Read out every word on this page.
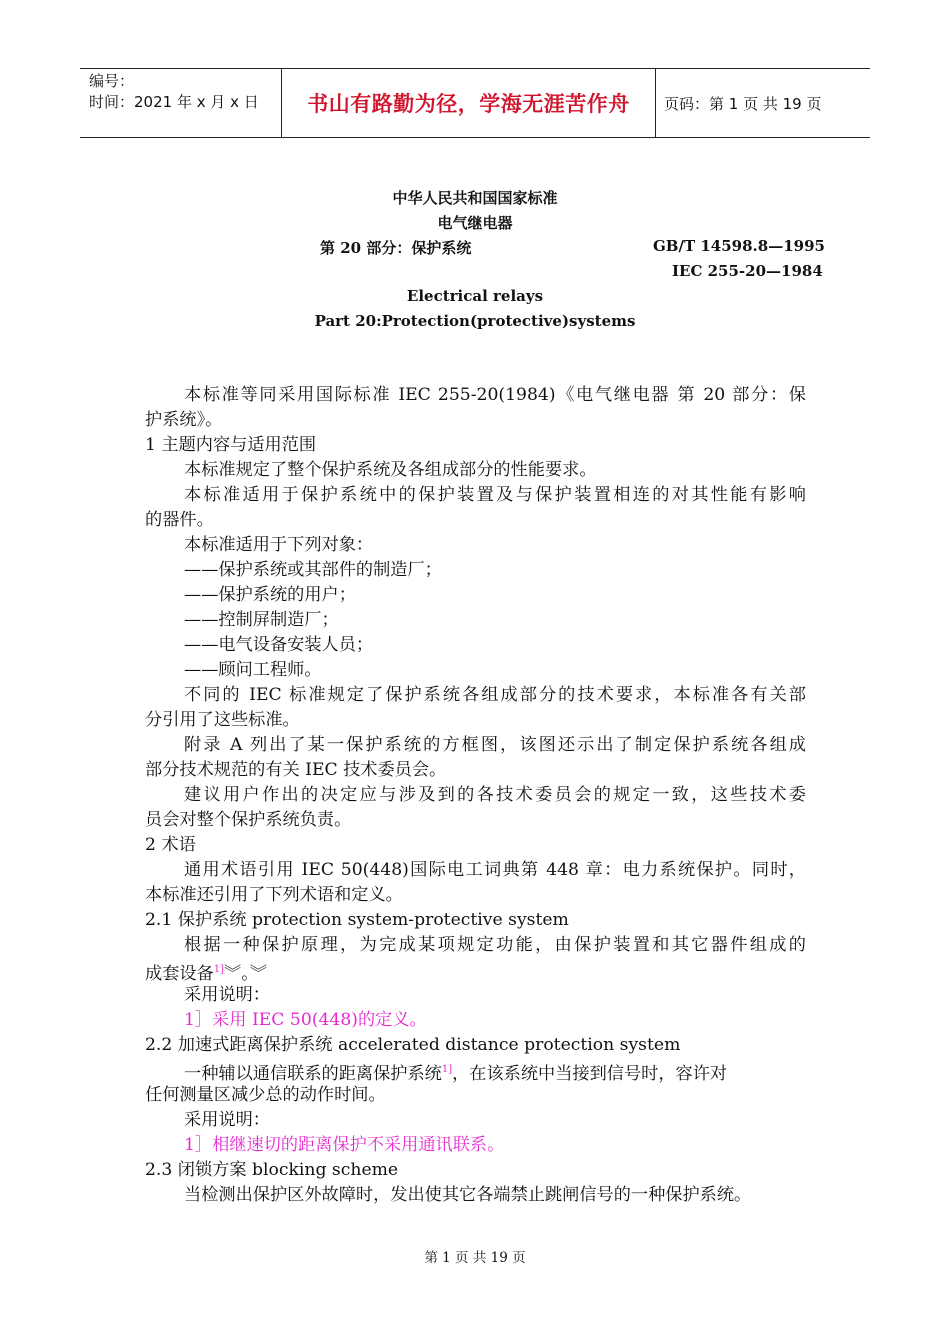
编号：
时间：2021 年 x 月 x 日	书山有路勤为径，学海无涯苦作舟	页码：第 1 页 共 19 页
中华人民共和国国家标准
电气继电器
第 20 部分：保护系统	GB/T 14598.8—1995
IEC 255-20—1984
Electrical relays
Part 20:Protection(protective)systems
本标准等同采用国际标准 IEC 255-20(1984)《电气继电器 第 20 部分：保
护系统》。
1 主题内容与适用范围
本标准规定了整个保护系统及各组成部分的性能要求。
本标准适用于保护系统中的保护装置及与保护装置相连的对其性能有影响
的器件。
本标准适用于下列对象：
——保护系统或其部件的制造厂；
——保护系统的用户；
——控制屏制造厂；
——电气设备安装人员；
——顾问工程师。
不同的 IEC 标准规定了保护系统各组成部分的技术要求，本标准各有关部
分引用了这些标准。
附录 A 列出了某一保护系统的方框图，该图还示出了制定保护系统各组成
部分技术规范的有关 IEC 技术委员会。
建议用户作出的决定应与涉及到的各技术委员会的规定一致，这些技术委
员会对整个保护系统负责。
2 术语
通用术语引用 IEC 50(448)国际电工词典第 448 章：电力系统保护。同时，
本标准还引用了下列术语和定义。
2.1 保护系统 protection system-protective system
根据一种保护原理，为完成某项规定功能，由保护装置和其它器件组成的
成套设备$^{1]}$︾。︾
采用说明：
1］采用 IEC 50(448)的定义。
2.2 加速式距离保护系统 accelerated distance protection system
一种辅以通信联系的距离保护系统$^{1]}$，在该系统中当接到信号时，容许对
任何测量区减少总的动作时间。
采用说明：
1］相继速切的距离保护不采用通讯联系。
2.3 闭锁方案 blocking scheme
当检测出保护区外故障时，发出使其它各端禁止跳闸信号的一种保护系统。
第 1 页 共 19 页
